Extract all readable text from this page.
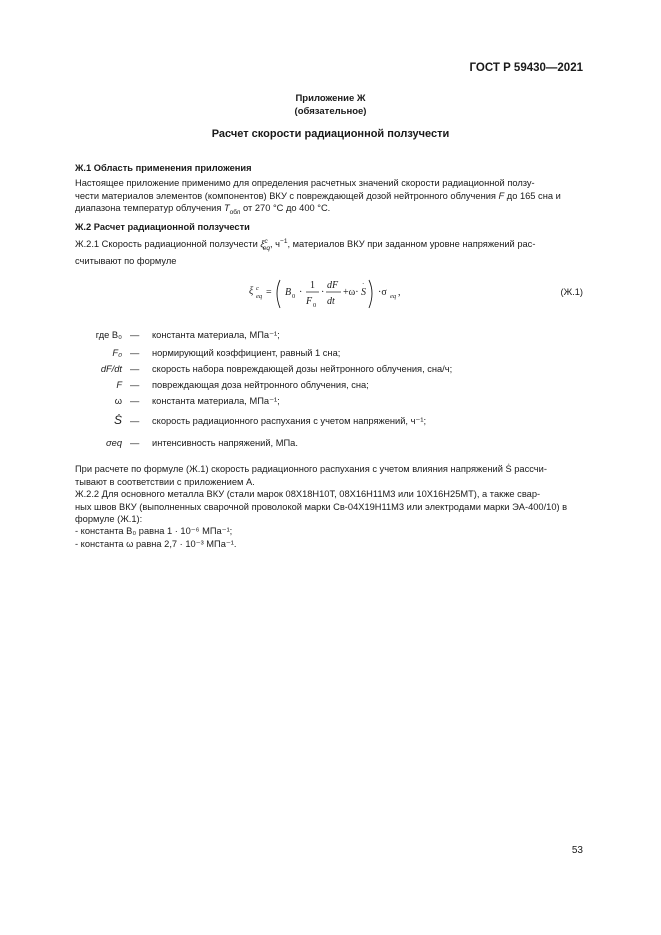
ГОСТ Р 59430—2021
Приложение Ж
(обязательное)
Расчет скорости радиационной ползучести
Ж.1 Область применения приложения
Настоящее приложение применимо для определения расчетных значений скорости радиационной ползу-
чести материалов элементов (компонентов) ВКУ с повреждающей дозой нейтронного облучения F до 165 сна и
диапазона температур облучения $T_{обл}$ от 270 °С до 400 °С.
Ж.2 Расчет радиационной ползучести
Ж.2.1 Скорость радиационной ползучести $\xi^c_{eq}$, $ч^{-1}$, материалов ВКУ при заданном уровне напряжений рас-
считывают по формуле
ξ c
eq = B 0 ·
1
F 0
·
dF
dt
+ω· S
·
·σ eq ,	(Ж.1)
где B₀ — константа материала, МПа⁻¹;
F₀ — нормирующий коэффициент, равный 1 сна;
dF/dt — скорость набора повреждающей дозы нейтронного облучения, сна/ч;
F — повреждающая доза нейтронного облучения, сна;
ω — константа материала, МПа⁻¹;
Ṡ — скорость радиационного распухания с учетом напряжений, ч⁻¹;
σeq — интенсивность напряжений, МПа.
При расчете по формуле (Ж.1) скорость радиационного распухания с учетом влияния напряжений Ṡ рассчи-
тывают в соответствии с приложением А.
Ж.2.2 Для основного металла ВКУ (стали марок 08Х18Н10Т, 08Х16Н11М3 или 10Х16Н25МТ), а также свар-
ных швов ВКУ (выполненных сварочной проволокой марки Св-04Х19Н11М3 или электродами марки ЭА-400/10) в
формуле (Ж.1):
- константа B₀ равна 1 · 10⁻⁶ МПа⁻¹;
- константа ω равна 2,7 · 10⁻³ МПа⁻¹.
53
